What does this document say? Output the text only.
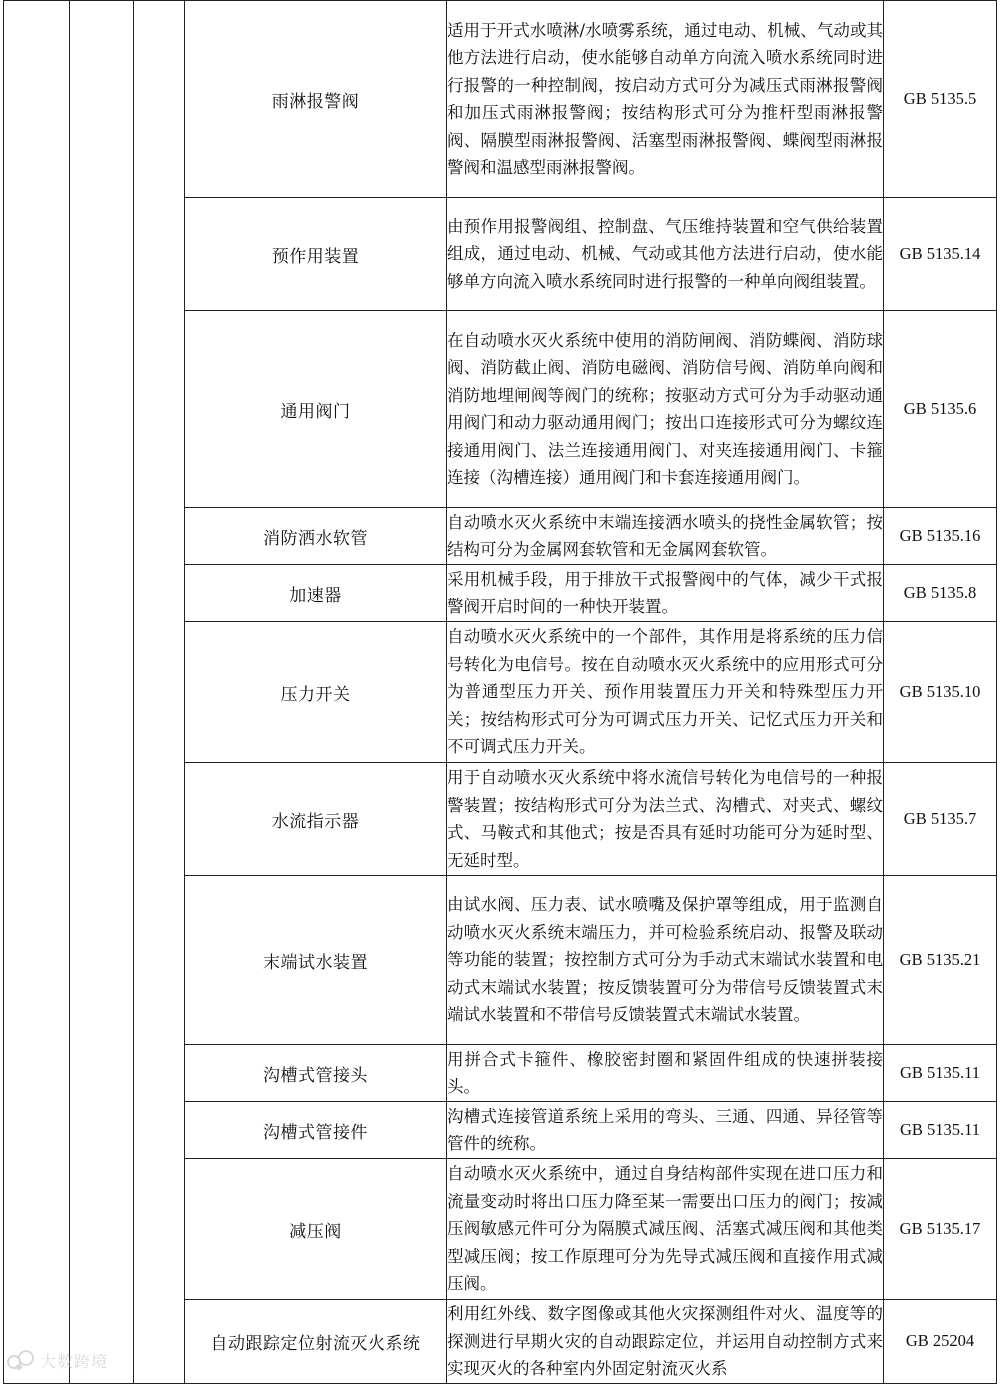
			雨淋报警阀	适用于开式水喷淋/水喷雾系统，通过电动、机械、气动或其他方法进行启动，使水能够自动单方向流入喷水系统同时进行报警的一种控制阀，按启动方式可分为减压式雨淋报警阀和加压式雨淋报警阀；按结构形式可分为推杆型雨淋报警阀、隔膜型雨淋报警阀、活塞型雨淋报警阀、蝶阀型雨淋报警阀和温感型雨淋报警阀。	GB 5135.5
			预作用装置	由预作用报警阀组、控制盘、气压维持装置和空气供给装置组成，通过电动、机械、气动或其他方法进行启动，使水能够单方向流入喷水系统同时进行报警的一种单向阀组装置。	GB 5135.14
			通用阀门	在自动喷水灭火系统中使用的消防闸阀、消防蝶阀、消防球阀、消防截止阀、消防电磁阀、消防信号阀、消防单向阀和消防地埋闸阀等阀门的统称；按驱动方式可分为手动驱动通用阀门和动力驱动通用阀门；按出口连接形式可分为螺纹连接通用阀门、法兰连接通用阀门、对夹连接通用阀门、卡箍连接（沟槽连接）通用阀门和卡套连接通用阀门。	GB 5135.6
			消防洒水软管	自动喷水灭火系统中末端连接洒水喷头的挠性金属软管；按结构可分为金属网套软管和无金属网套软管。	GB 5135.16
			加速器	采用机械手段，用于排放干式报警阀中的气体，减少干式报警阀开启时间的一种快开装置。	GB 5135.8
			压力开关	自动喷水灭火系统中的一个部件，其作用是将系统的压力信号转化为电信号。按在自动喷水灭火系统中的应用形式可分为普通型压力开关、预作用装置压力开关和特殊型压力开关；按结构形式可分为可调式压力开关、记忆式压力开关和不可调式压力开关。	GB 5135.10
			水流指示器	用于自动喷水灭火系统中将水流信号转化为电信号的一种报警装置；按结构形式可分为法兰式、沟槽式、对夹式、螺纹式、马鞍式和其他式；按是否具有延时功能可分为延时型、无延时型。	GB 5135.7
			末端试水装置	由试水阀、压力表、试水喷嘴及保护罩等组成，用于监测自动喷水灭火系统末端压力，并可检验系统启动、报警及联动等功能的装置；按控制方式可分为手动式末端试水装置和电动式末端试水装置；按反馈装置可分为带信号反馈装置式末端试水装置和不带信号反馈装置式末端试水装置。	GB 5135.21
			沟槽式管接头	用拼合式卡箍件、橡胶密封圈和紧固件组成的快速拼装接头。	GB 5135.11
			沟槽式管接件	沟槽式连接管道系统上采用的弯头、三通、四通、异径管等管件的统称。	GB 5135.11
			减压阀	自动喷水灭火系统中，通过自身结构部件实现在进口压力和流量变动时将出口压力降至某一需要出口压力的阀门；按减压阀敏感元件可分为隔膜式减压阀、活塞式减压阀和其他类型减压阀；按工作原理可分为先导式减压阀和直接作用式减压阀。	GB 5135.17
			自动跟踪定位射流灭火系统	利用红外线、数字图像或其他火灾探测组件对火、温度等的探测进行早期火灾的自动跟踪定位，并运用自动控制方式来实现灭火的各种室内外固定射流灭火系	GB 25204
大数跨境
